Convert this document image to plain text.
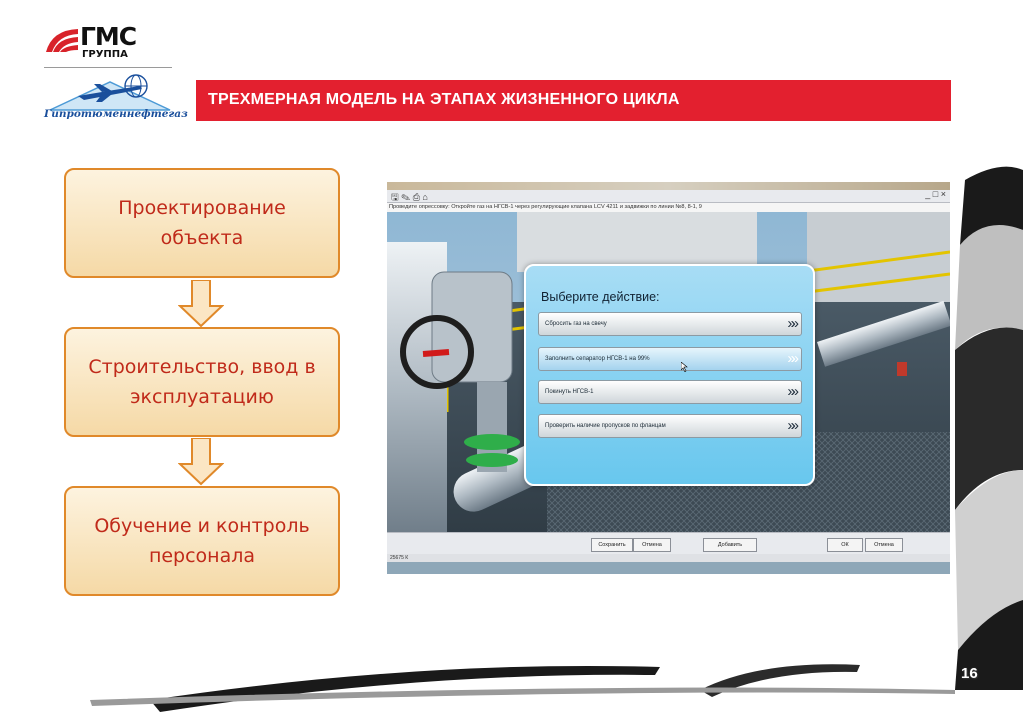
ГМС
ГРУППА
Гипротюменнефтегаз
ТРЕХМЕРНАЯ МОДЕЛЬ НА ЭТАПАХ ЖИЗНЕННОГО ЦИКЛА
Проектирование объекта
Строительство, ввод в эксплуатацию
Обучение и контроль персонала
🖫 ✎ ⎙ ⌂	_ □ ×
Проведите опрессовку: Откройте газ на НГСВ-1 через регулирующие клапана LCV 4211 и задвижки по линии №8, 8-1, 9
Выберите действие:
Сбросить газ на свечу	»»
Заполнить сепаратор НГСВ-1 на 99%	»»
Покинуть НГСВ-1	»»
Проверить наличие пропусков по фланцам	»»
Сохранить	Отмена	Добавить	ОК	Отмена
25675 К
16
